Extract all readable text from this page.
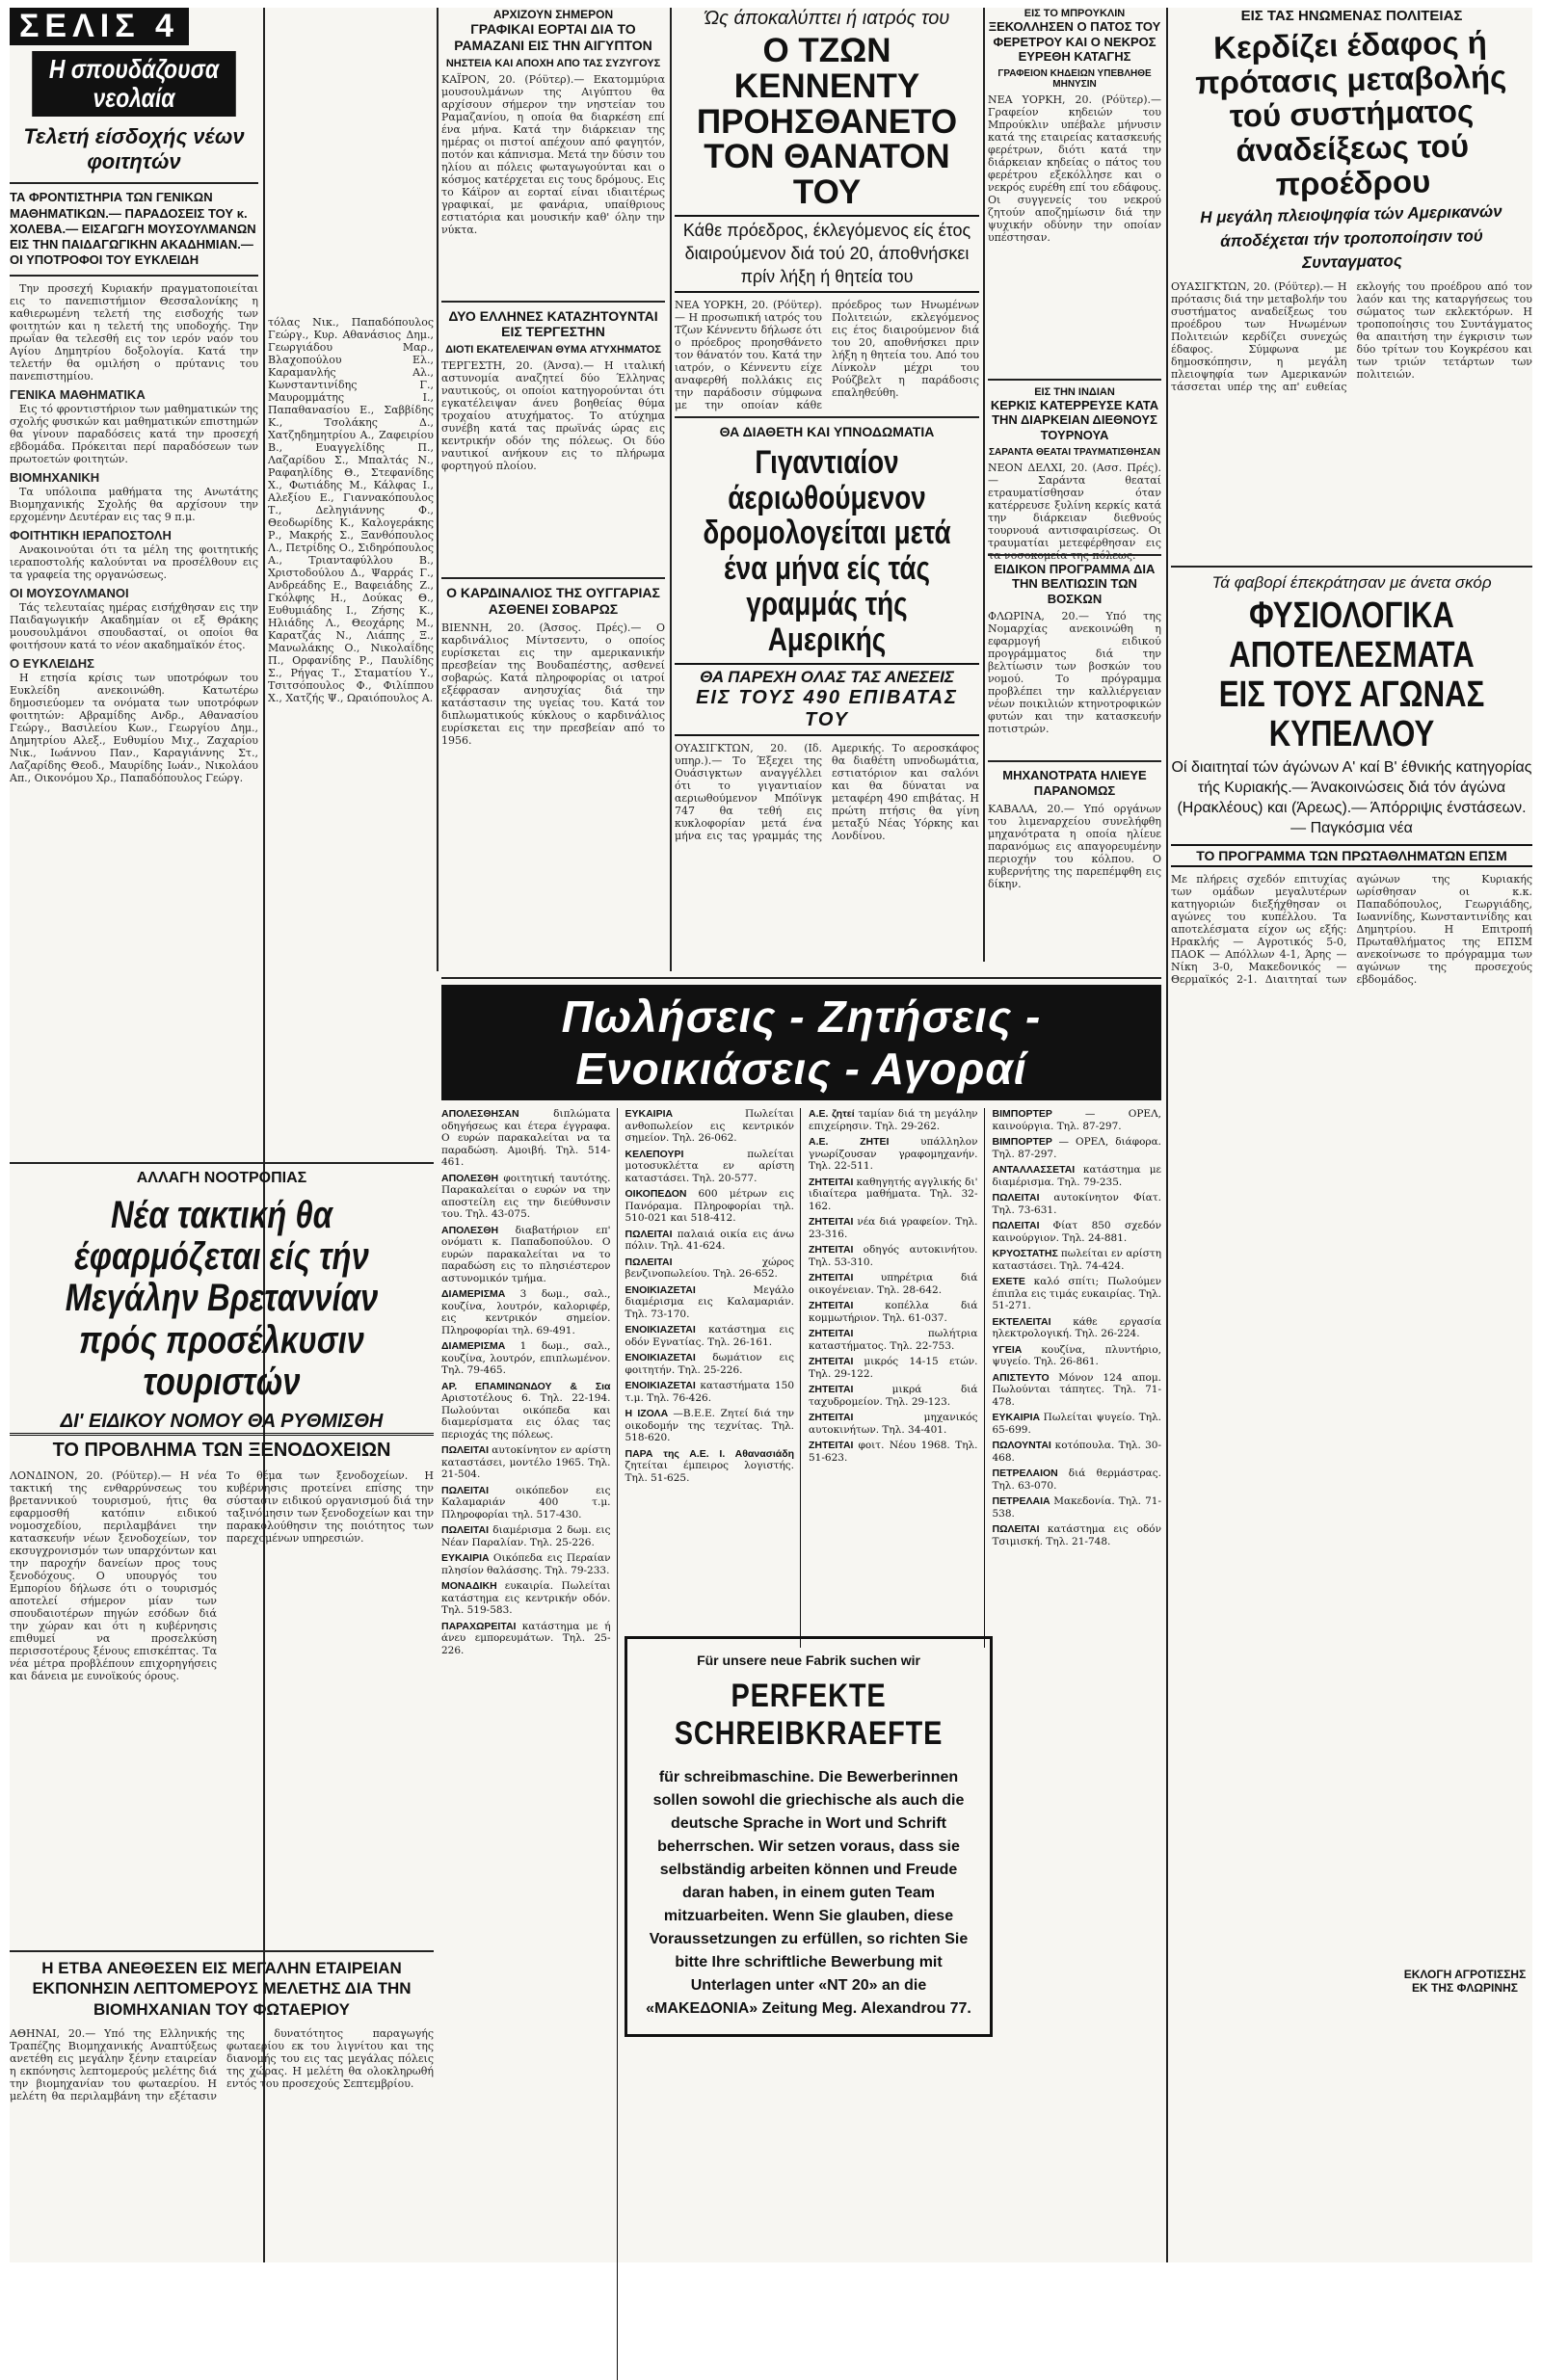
ΣΕΛΙΣ 4
Η σπουδάζουσα νεολαία
Τελετή είσδοχής νέων φοιτητών
ΤΑ ΦΡΟΝΤΙΣΤΗΡΙΑ ΤΩΝ ΓΕΝΙΚΩΝ ΜΑΘΗΜΑΤΙΚΩΝ.— ΠΑΡΑΔΟΣΕΙΣ ΤΟΥ κ. ΧΟΛΕΒΑ.— ΕΙΣΑΓΩΓΗ ΜΟΥΣΟΥΛΜΑΝΩΝ ΕΙΣ ΤΗΝ ΠΑΙΔΑΓΩΓΙΚΗΝ ΑΚΑΔΗΜΙΑΝ.— ΟΙ ΥΠΟΤΡΟΦΟΙ ΤΟΥ ΕΥΚΛΕΙΔΗ

Την προσεχή Κυριακήν πραγματοποιείται εις το πανεπιστήμιον Θεσσαλονίκης η καθιερωμένη τελετή της εισδοχής των φοιτητών και η τελετή της υποδοχής. Την πρωΐαν θα τελεσθή εις τον ιερόν ναόν του Αγίου Δημητρίου δοξολογία. Κατά την τελετήν θα ομιλήση ο πρύτανις του πανεπιστημίου.

ΓΕΝΙΚΑ ΜΑΘΗΜΑΤΙΚΑ

Εις τό φροντιστήριον των μαθηματικών της σχολής φυσικών και μαθηματικών επιστημών θα γίνουν παραδόσεις κατά την προσεχή εβδομάδα. Πρόκειται περί παραδόσεων των πρωτοετών φοιτητών.

ΒΙΟΜΗΧΑΝΙΚΗ

Τα υπόλοιπα μαθήματα της Ανωτάτης Βιομηχανικής Σχολής θα αρχίσουν την ερχομένην Δευτέραν εις τας 9 π.μ.

ΦΟΙΤΗΤΙΚΗ ΙΕΡΑΠΟΣΤΟΛΗ

Ανακοινούται ότι τα μέλη της φοιτητικής ιεραποστολής καλούνται να προσέλθουν εις τα γραφεία της οργανώσεως.

ΟΙ ΜΟΥΣΟΥΛΜΑΝΟΙ

Τάς τελευταίας ημέρας εισήχθησαν εις την Παιδαγωγικήν Ακαδημίαν οι εξ Θράκης μουσουλμάνοι σπουδασταί, οι οποίοι θα φοιτήσουν κατά το νέον ακαδημαϊκόν έτος.

Ο ΕΥΚΛΕΙΔΗΣ

Η ετησία κρίσις των υποτρόφων του Ευκλείδη ανεκοινώθη. Κατωτέρω δημοσιεύομεν τα ονόματα των υποτρόφων φοιτητών: Αβραμίδης Ανδρ., Αθανασίου Γεώργ., Βασιλείου Κων., Γεωργίου Δημ., Δημητρίου Αλεξ., Ευθυμίου Μιχ., Ζαχαρίου Νικ., Ιωάννου Παν., Καραγιάννης Στ., Λαζαρίδης Θεοδ., Μαυρίδης Ιωάν., Νικολάου Απ., Οικονόμου Χρ., Παπαδόπουλος Γεώργ.

τόλας Νικ., Παπαδόπουλος Γεώργ., Κυρ. Αθανάσιος Δημ., Γεωργιάδου Μαρ., Βλαχοπούλου Ελ., Καραμανλής Αλ., Κωνσταντινίδης Γ., Μαυρομμάτης Ι., Παπαθανασίου Ε., Σαββίδης Κ., Τσολάκης Δ., Χατζηδημητρίου Α., Ζαφειρίου Β., Ευαγγελίδης Π., Λαζαρίδου Σ., Μπαλτάς Ν., Ραφαηλίδης Θ., Στεφανίδης Χ., Φωτιάδης Μ., Κάλφας Ι., Αλεξίου Ε., Γιαννακόπουλος Τ., Δεληγιάννης Φ., Θεοδωρίδης Κ., Καλογεράκης Ρ., Μακρής Σ., Ξανθόπουλος Λ., Πετρίδης Ο., Σιδηρόπουλος Α., Τριανταφύλλου Β., Χριστοδούλου Δ., Ψαρράς Γ., Ανδρεάδης Ε., Βαφειάδης Ζ., Γκόλφης Η., Δούκας Θ., Ευθυμιάδης Ι., Ζήσης Κ., Ηλιάδης Λ., Θεοχάρης Μ., Καρατζάς Ν., Λιάπης Ξ., Μανωλάκης Ο., Νικολαΐδης Π., Ορφανίδης Ρ., Παυλίδης Σ., Ρήγας Τ., Σταματίου Υ., Τσιτσόπουλος Φ., Φιλίππου Χ., Χατζής Ψ., Ωραιόπουλος Α.
ΑΛΛΑΓΗ ΝΟΟΤΡΟΠΙΑΣ
Νέα τακτική θα έφαρμόζεται είς τήν Μεγάλην Βρεταννίαν πρός προσέλκυσιν τουριστών
ΔΙ' ΕΙΔΙΚΟΥ ΝΟΜΟΥ ΘΑ ΡΥΘΜΙΣΘΗ
ΤΟ ΠΡΟΒΛΗΜΑ ΤΩΝ ΞΕΝΟΔΟΧΕΙΩΝ
ΛΟΝΔΙΝΟΝ, 20. (Ρόϋτερ).— Η νέα τακτική της ενθαρρύνσεως του βρεταννικού τουρισμού, ήτις θα εφαρμοσθή κατόπιν ειδικού νομοσχεδίου, περιλαμβάνει την κατασκευήν νέων ξενοδοχείων, τον εκσυγχρονισμόν των υπαρχόντων και την παροχήν δανείων προς τους ξενοδόχους. Ο υπουργός του Εμπορίου δήλωσε ότι ο τουρισμός αποτελεί σήμερον μίαν των σπουδαιοτέρων πηγών εσόδων διά την χώραν και ότι η κυβέρνησις επιθυμεί να προσελκύση περισσοτέρους ξένους επισκέπτας. Τα νέα μέτρα προβλέπουν επιχορηγήσεις και δάνεια με ευνοϊκούς όρους.
Το θέμα των ξενοδοχείων. Η κυβέρνησις προτείνει επίσης την σύστασιν ειδικού οργανισμού διά την ταξινόμησιν των ξενοδοχείων και την παρακολούθησιν της ποιότητος των παρεχομένων υπηρεσιών.
Η ΕΤΒΑ ΑΝΕΘΕΣΕΝ ΕΙΣ ΜΕΓΑΛΗΝ ΕΤΑΙΡΕΙΑΝ ΕΚΠΟΝΗΣΙΝ ΛΕΠΤΟΜΕΡΟΥΣ ΜΕΛΕΤΗΣ ΔΙΑ ΤΗΝ ΒΙΟΜΗΧΑΝΙΑΝ ΤΟΥ ΦΩΤΑΕΡΙΟΥ
ΑΘΗΝΑΙ, 20.— Υπό της Ελληνικής Τραπέζης Βιομηχανικής Αναπτύξεως ανετέθη εις μεγάλην ξένην εταιρείαν η εκπόνησις λεπτομερούς μελέτης διά την βιομηχανίαν του φωταερίου. Η μελέτη θα περιλαμβάνη την εξέτασιν της δυνατότητος παραγωγής φωταερίου εκ του λιγνίτου και της διανομής του εις τας μεγάλας πόλεις της χώρας. Η μελέτη θα ολοκληρωθή εντός του προσεχούς Σεπτεμβρίου.
ΑΡΧΙΖΟΥΝ ΣΗΜΕΡΟΝ
ΓΡΑΦΙΚΑΙ ΕΟΡΤΑΙ ΔΙΑ ΤΟ ΡΑΜΑΖΑΝΙ ΕΙΣ ΤΗΝ ΑΙΓΥΠΤΟΝ
ΝΗΣΤΕΙΑ ΚΑΙ ΑΠΟΧΗ ΑΠΟ ΤΑΣ ΣΥΖΥΓΟΥΣ
ΚΑΪΡΟΝ, 20. (Ρόϋτερ).— Εκατομμύρια μουσουλμάνων της Αιγύπτου θα αρχίσουν σήμερον την νηστείαν του Ραμαζανίου, η οποία θα διαρκέση επί ένα μήνα. Κατά την διάρκειαν της ημέρας οι πιστοί απέχουν από φαγητόν, ποτόν και κάπνισμα. Μετά την δύσιν του ηλίου αι πόλεις φωταγωγούνται και ο κόσμος κατέρχεται εις τους δρόμους. Εις το Κάϊρον αι εορταί είναι ιδιαιτέρως γραφικαί, με φανάρια, υπαίθριους εστιατόρια και μουσικήν καθ' όλην την νύκτα.
ΔΥΟ ΕΛΛΗΝΕΣ ΚΑΤΑΖΗΤΟΥΝΤΑΙ ΕΙΣ ΤΕΡΓΕΣΤΗΝ
ΔΙΟΤΙ ΕΚΑΤΕΛΕΙΨΑΝ ΘΥΜΑ ΑΤΥΧΗΜΑΤΟΣ
ΤΕΡΓΕΣΤΗ, 20. (Άνσα).— Η ιταλική αστυνομία αναζητεί δύο Έλληνας ναυτικούς, οι οποίοι κατηγορούνται ότι εγκατέλειψαν άνευ βοηθείας θύμα τροχαίου ατυχήματος. Το ατύχημα συνέβη κατά τας πρωϊνάς ώρας εις κεντρικήν οδόν της πόλεως. Οι δύο ναυτικοί ανήκουν εις το πλήρωμα φορτηγού πλοίου.
Ο ΚΑΡΔΙΝΑΛΙΟΣ ΤΗΣ ΟΥΓΓΑΡΙΑΣ ΑΣΘΕΝΕΙ ΣΟΒΑΡΩΣ
ΒΙΕΝΝΗ, 20. (Άσσος. Πρές).— Ο καρδινάλιος Μίντσεντυ, ο οποίος ευρίσκεται εις την αμερικανικήν πρεσβείαν της Βουδαπέστης, ασθενεί σοβαρώς. Κατά πληροφορίας οι ιατροί εξέφρασαν ανησυχίας διά την κατάστασιν της υγείας του. Κατά τον διπλωματικούς κύκλους ο καρδινάλιος ευρίσκεται εις την πρεσβείαν από το 1956.
Ώς άποκαλύπτει ή ιατρός του
Ο ΤΖΩΝ ΚΕΝΝΕΝΤΥ ΠΡΟΗΣΘΑΝΕΤΟ ΤΟΝ ΘΑΝΑΤΟΝ ΤΟΥ
Κάθε πρόεδρος, έκλεγόμενος είς έτος διαιρούμενον διά τού 20, άποθνήσκει πρίν λήξη ή θητεία του
ΝΕΑ ΥΟΡΚΗ, 20. (Ρόϋτερ).— Η προσωπική ιατρός του Τζων Κέννεντυ δήλωσε ότι ο πρόεδρος προησθάνετο τον θάνατόν του. Κατά την ιατρόν, ο Κέννεντυ είχε αναφερθή πολλάκις εις την παράδοσιν σύμφωνα με την οποίαν κάθε πρόεδρος των Ηνωμένων Πολιτειών, εκλεγόμενος εις έτος διαιρούμενον διά του 20, αποθνήσκει πριν λήξη η θητεία του. Από του Λίνκολν μέχρι του Ρούζβελτ η παράδοσις επαληθεύθη.
ΘΑ ΔΙΑΘΕΤΗ ΚΑΙ ΥΠΝΟΔΩΜΑΤΙΑ
Γιγαντιαίον άεριωθούμενον δρομολογείται μετά ένα μήνα είς τάς γραμμάς τής Αμερικής
ΘΑ ΠΑΡΕΧΗ ΟΛΑΣ ΤΑΣ ΑΝΕΣΕΙΣ
ΕΙΣ ΤΟΥΣ 490 ΕΠΙΒΑΤΑΣ ΤΟΥ
ΟΥΑΣΙΓΚΤΩΝ, 20. (Ιδ. υπηρ.).— Το Έξεχει της Ουάσιγκτων αναγγέλλει ότι το γιγαντιαίον αεριωθούμενον Μπόϊνγκ 747 θα τεθή εις κυκλοφορίαν μετά ένα μήνα εις τας γραμμάς της Αμερικής. Το αεροσκάφος θα διαθέτη υπνοδωμάτια, εστιατόριον και σαλόνι και θα δύναται να μεταφέρη 490 επιβάτας. Η πρώτη πτήσις θα γίνη μεταξύ Νέας Υόρκης και Λονδίνου.
ΕΙΣ ΤΟ ΜΠΡΟΥΚΛΙΝ
ΞΕΚΟΛΛΗΣΕΝ Ο ΠΑΤΟΣ ΤΟΥ ΦΕΡΕΤΡΟΥ ΚΑΙ Ο ΝΕΚΡΟΣ ΕΥΡΕΘΗ ΚΑΤΑΓΗΣ
ΓΡΑΦΕΙΟΝ ΚΗΔΕΙΩΝ ΥΠΕΒΛΗΘΕ ΜΗΝΥΣΙΝ
ΝΕΑ ΥΟΡΚΗ, 20. (Ρόϋτερ).— Γραφείον κηδειών του Μπρούκλιν υπέβαλε μήνυσιν κατά της εταιρείας κατασκευής φερέτρων, διότι κατά την διάρκειαν κηδείας ο πάτος του φερέτρου εξεκόλλησε και ο νεκρός ευρέθη επί του εδάφους. Οι συγγενείς του νεκρού ζητούν αποζημίωσιν διά την ψυχικήν οδύνην την οποίαν υπέστησαν.
ΕΙΣ ΤΗΝ ΙΝΔΙΑΝ
ΚΕΡΚΙΣ ΚΑΤΕΡΡΕΥΣΕ ΚΑΤΑ ΤΗΝ ΔΙΑΡΚΕΙΑΝ ΔΙΕΘΝΟΥΣ ΤΟΥΡΝΟΥΑ
ΣΑΡΑΝΤΑ ΘΕΑΤΑΙ ΤΡΑΥΜΑΤΙΣΘΗΣΑΝ
ΝΕΟΝ ΔΕΛΧΙ, 20. (Ασσ. Πρές).— Σαράντα θεαταί ετραυματίσθησαν όταν κατέρρευσε ξυλίνη κερκίς κατά την διάρκειαν διεθνούς τουρνουά αντισφαιρίσεως. Οι τραυματίαι μετεφέρθησαν εις τα νοσοκομεία της πόλεως.
ΕΙΔΙΚΟΝ ΠΡΟΓΡΑΜΜΑ ΔΙΑ ΤΗΝ ΒΕΛΤΙΩΣΙΝ ΤΩΝ ΒΟΣΚΩΝ
ΦΛΩΡΙΝΑ, 20.— Υπό της Νομαρχίας ανεκοινώθη η εφαρμογή ειδικού προγράμματος διά την βελτίωσιν των βοσκών του νομού. Το πρόγραμμα προβλέπει την καλλιέργειαν νέων ποικιλιών κτηνοτροφικών φυτών και την κατασκευήν ποτιστρών.
ΜΗΧΑΝΟΤΡΑΤΑ ΗΛΙΕΥΕ ΠΑΡΑΝΟΜΩΣ
ΚΑΒΑΛΑ, 20.— Υπό οργάνων του λιμεναρχείου συνελήφθη μηχανότρατα η οποία ηλίευε παρανόμως εις απαγορευμένην περιοχήν του κόλπου. Ο κυβερνήτης της παρεπέμφθη εις δίκην.
ΕΙΣ ΤΑΣ ΗΝΩΜΕΝΑΣ ΠΟΛΙΤΕΙΑΣ
Κερδίζει έδαφος ή πρότασις μεταβολής τού συστήματος άναδείξεως τού προέδρου
Η μεγάλη πλειοψηφία τών Αμερικανών άποδέχεται τήν τροποποίησιν τού Συνταγματος
ΟΥΑΣΙΓΚΤΩΝ, 20. (Ρόϋτερ).— Η πρότασις διά την μεταβολήν του συστήματος αναδείξεως του προέδρου των Ηνωμένων Πολιτειών κερδίζει συνεχώς έδαφος. Σύμφωνα με δημοσκόπησιν, η μεγάλη πλειοψηφία των Αμερικανών τάσσεται υπέρ της απ' ευθείας εκλογής του προέδρου από τον λαόν και της καταργήσεως του σώματος των εκλεκτόρων. Η τροποποίησις του Συντάγματος θα απαιτήση την έγκρισιν των δύο τρίτων του Κογκρέσου και των τριών τετάρτων των πολιτειών.
Τά φαβορί έπεκράτησαν με άνετα σκόρ
ΦΥΣΙΟΛΟΓΙΚΑ ΑΠΟΤΕΛΕΣΜΑΤΑ ΕΙΣ ΤΟΥΣ ΑΓΩΝΑΣ ΚΥΠΕΛΛΟΥ
Οί διαιτηταί τών άγώνων Α' καί Β' έθνικής κατηγορίας τής Κυριακής.— Άνακοινώσεις διά τόν άγώνα (Ηρακλέους) και (Άρεως).— Άπόρριψις ένστάσεων.— Παγκόσμια νέα
ΤΟ ΠΡΟΓΡΑΜΜΑ ΤΩΝ ΠΡΩΤΑΘΛΗΜΑΤΩΝ ΕΠΣΜ
Με πλήρεις σχεδόν επιτυχίας των ομάδων μεγαλυτέρων κατηγοριών διεξήχθησαν οι αγώνες του κυπέλλου. Τα αποτελέσματα είχον ως εξής: Ηρακλής — Αγροτικός 5-0, ΠΑΟΚ — Απόλλων 4-1, Άρης — Νίκη 3-0, Μακεδονικός — Θερμαϊκός 2-1. Διαιτηταί των αγώνων της Κυριακής ωρίσθησαν οι κ.κ. Παπαδόπουλος, Γεωργιάδης, Ιωαννίδης, Κωνσταντινίδης και Δημητρίου. Η Επιτροπή Πρωταθλήματος της ΕΠΣΜ ανεκοίνωσε το πρόγραμμα των αγώνων της προσεχούς εβδομάδος.
ΕΚΛΟΓΗ ΑΓΡΟΤΙΣΣΗΣ ΕΚ ΤΗΣ ΦΛΩΡΙΝΗΣ
Πωλήσεις - Ζητήσεις - Ενοικιάσεις - Αγοραί

ΑΠΟΛΕΣΘΗΣΑΝ διπλώματα οδηγήσεως και έτερα έγγραφα. Ο ευρών παρακαλείται να τα παραδώση. Αμοιβή. Τηλ. 514-461.

ΑΠΟΛΕΣΘΗ φοιτητική ταυτότης. Παρακαλείται ο ευρών να την αποστείλη εις την διεύθυνσιν του. Τηλ. 43-075.

ΑΠΟΛΕΣΘΗ διαβατήριον επ' ονόματι κ. Παπαδοπούλου. Ο ευρών παρακαλείται να το παραδώση εις το πλησιέστερον αστυνομικόν τμήμα.

ΔΙΑΜΕΡΙΣΜΑ 3 δωμ., σαλ., κουζίνα, λουτρόν, καλοριφέρ, εις κεντρικόν σημείον. Πληροφορίαι τηλ. 69-491.

ΔΙΑΜΕΡΙΣΜΑ 1 δωμ., σαλ., κουζίνα, λουτρόν, επιπλωμένον. Τηλ. 79-465.

ΑΡ. ΕΠΑΜΙΝΩΝΔΟΥ & Σια Αριστοτέλους 6. Τηλ. 22-194. Πωλούνται οικόπεδα και διαμερίσματα εις όλας τας περιοχάς της πόλεως.

ΠΩΛΕΙΤΑΙ αυτοκίνητον εν αρίστη καταστάσει, μοντέλο 1965. Τηλ. 21-504.

ΠΩΛΕΙΤΑΙ οικόπεδον εις Καλαμαριάν 400 τ.μ. Πληροφορίαι τηλ. 517-430.

ΠΩΛΕΙΤΑΙ διαμέρισμα 2 δωμ. εις Νέαν Παραλίαν. Τηλ. 25-226.

ΕΥΚΑΙΡΙΑ Οικόπεδα εις Περαίαν πλησίον θαλάσσης. Τηλ. 79-233.

ΜΟΝΑΔΙΚΗ ευκαιρία. Πωλείται κατάστημα εις κεντρικήν οδόν. Τηλ. 519-583.

ΠΑΡΑΧΩΡΕΙΤΑΙ κατάστημα με ή άνευ εμπορευμάτων. Τηλ. 25-226.

ΕΥΚΑΙΡΙΑ Πωλείται ανθοπωλείον εις κεντρικόν σημείον. Τηλ. 26-062.

ΚΕΛΕΠΟΥΡΙ πωλείται μοτοσυκλέττα εν αρίστη καταστάσει. Τηλ. 20-577.

ΟΙΚΟΠΕΔΟΝ 600 μέτρων εις Πανόραμα. Πληροφορίαι τηλ. 510-021 και 518-412.

ΠΩΛΕΙΤΑΙ παλαιά οικία εις άνω πόλιν. Τηλ. 41-624.

ΠΩΛΕΙΤΑΙ χώρος βενζινοπωλείου. Τηλ. 26-652.

ΕΝΟΙΚΙΑΖΕΤΑΙ Μεγάλο διαμέρισμα εις Καλαμαριάν. Τηλ. 73-170.

ΕΝΟΙΚΙΑΖΕΤΑΙ κατάστημα εις οδόν Εγνατίας. Τηλ. 26-161.

ΕΝΟΙΚΙΑΖΕΤΑΙ δωμάτιον εις φοιτητήν. Τηλ. 25-226.

ΕΝΟΙΚΙΑΖΕΤΑΙ καταστήματα 150 τ.μ. Τηλ. 76-426.

Η ΙΖΟΛΑ —Β.Ε.Ε. Ζητεί διά την οικοδομήν της τεχνίτας. Τηλ. 518-620.

ΠΑΡΑ της Α.Ε. Ι. Αθανασιάδη ζητείται έμπειρος λογιστής. Τηλ. 51-625.

Α.Ε. ζητεί ταμίαν διά τη μεγάλην επιχείρησιν. Τηλ. 29-262.

Α.Ε. ΖΗΤΕΙ υπάλληλον γνωρίζουσαν γραφομηχανήν. Τηλ. 22-511.

ΖΗΤΕΙΤΑΙ καθηγητής αγγλικής δι' ιδιαίτερα μαθήματα. Τηλ. 32-162.

ΖΗΤΕΙΤΑΙ νέα διά γραφείον. Τηλ. 23-316.

ΖΗΤΕΙΤΑΙ οδηγός αυτοκινήτου. Τηλ. 53-310.

ΖΗΤΕΙΤΑΙ υπηρέτρια διά οικογένειαν. Τηλ. 28-642.

ΖΗΤΕΙΤΑΙ κοπέλλα διά κομμωτήριον. Τηλ. 61-037.

ΖΗΤΕΙΤΑΙ πωλήτρια καταστήματος. Τηλ. 22-753.

ΖΗΤΕΙΤΑΙ μικρός 14-15 ετών. Τηλ. 29-122.

ΖΗΤΕΙΤΑΙ μικρά διά ταχυδρομείον. Τηλ. 29-123.

ΖΗΤΕΙΤΑΙ μηχανικός αυτοκινήτων. Τηλ. 34-401.

ΖΗΤΕΙΤΑΙ φοιτ. Νέου 1968. Τηλ. 51-623.

ΒΙΜΠΟΡΤΕΡ — ΟΡΕΛ, καινούργια. Τηλ. 87-297.

ΒΙΜΠΟΡΤΕΡ — ΟΡΕΛ, διάφορα. Τηλ. 87-297.

ΑΝΤΑΛΛΑΣΣΕΤΑΙ κατάστημα με διαμέρισμα. Τηλ. 79-235.

ΠΩΛΕΙΤΑΙ αυτοκίνητον Φίατ. Τηλ. 73-631.

ΠΩΛΕΙΤΑΙ Φίατ 850 σχεδόν καινούργιον. Τηλ. 24-881.

ΚΡΥΟΣΤΑΤΗΣ πωλείται εν αρίστη καταστάσει. Τηλ. 74-424.

ΕΧΕΤΕ καλό σπίτι; Πωλούμεν έπιπλα εις τιμάς ευκαιρίας. Τηλ. 51-271.

ΕΚΤΕΛΕΙΤΑΙ κάθε εργασία ηλεκτρολογική. Τηλ. 26-224.

ΥΓΕΙΑ κουζίνα, πλυντήριο, ψυγείο. Τηλ. 26-861.

ΑΠΙΣΤΕΥΤΟ Μόνον 124 απομ. Πωλούνται τάπητες. Τηλ. 71-478.

ΕΥΚΑΙΡΙΑ Πωλείται ψυγείο. Τηλ. 65-699.

ΠΩΛΟΥΝΤΑΙ κοτόπουλα. Τηλ. 30-468.

ΠΕΤΡΕΛΑΙΟΝ διά θερμάστρας. Τηλ. 63-070.

ΠΕΤΡΕΛΑΙΑ Μακεδονία. Τηλ. 71-538.

ΠΩΛΕΙΤΑΙ κατάστημα εις οδόν Τσιμισκή. Τηλ. 21-748.

Für unsere neue Fabrik suchen wir
PERFEKTE SCHREIBKRAEFTE
für schreibmaschine. Die Bewerberinnen sollen sowohl die griechische als auch die deutsche Sprache in Wort und Schrift beherrschen. Wir setzen voraus, dass sie selbständig arbeiten können und Freude daran haben, in einem guten Team mitzuarbeiten. Wenn Sie glauben, diese Voraussetzungen zu erfüllen, so richten Sie bitte Ihre schriftliche Bewerbung mit Unterlagen unter «NT 20» an die «ΜΑΚΕΔΟΝΙΑ» Zeitung Meg. Alexandrou 77.
